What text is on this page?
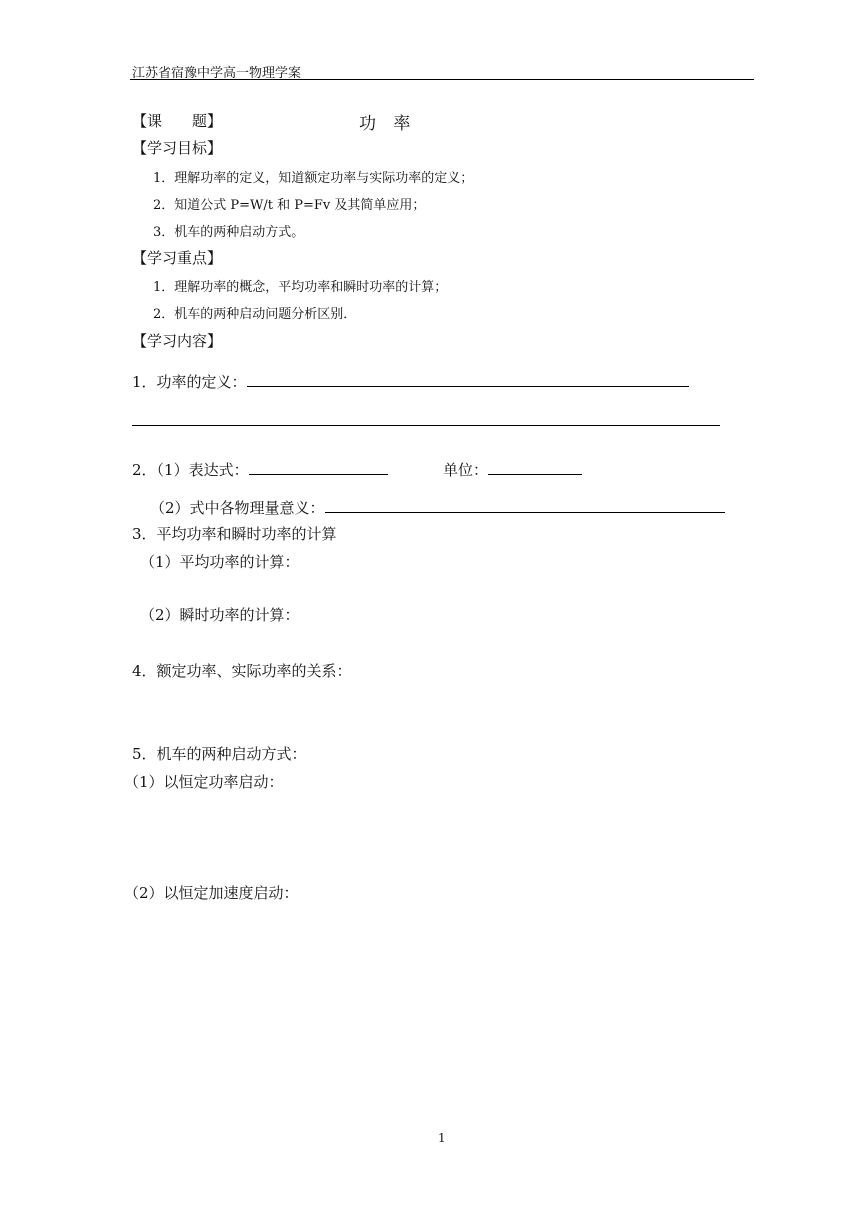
江苏省宿豫中学高一物理学案
【课　　题】	功 率
【学习目标】
1．理解功率的定义，知道额定功率与实际功率的定义；
2．知道公式 P=W/t 和 P=Fv 及其简单应用；
3．机车的两种启动方式。
【学习重点】
1．理解功率的概念，平均功率和瞬时功率的计算；
2．机车的两种启动问题分析区别．
【学习内容】
1．功率的定义：
2．（1）表达式：	单位：
（2）式中各物理量意义：
3．平均功率和瞬时功率的计算
（1）平均功率的计算：
（2）瞬时功率的计算：
4．额定功率、实际功率的关系：
5．机车的两种启动方式：
（1）以恒定功率启动：
（2）以恒定加速度启动：
1
